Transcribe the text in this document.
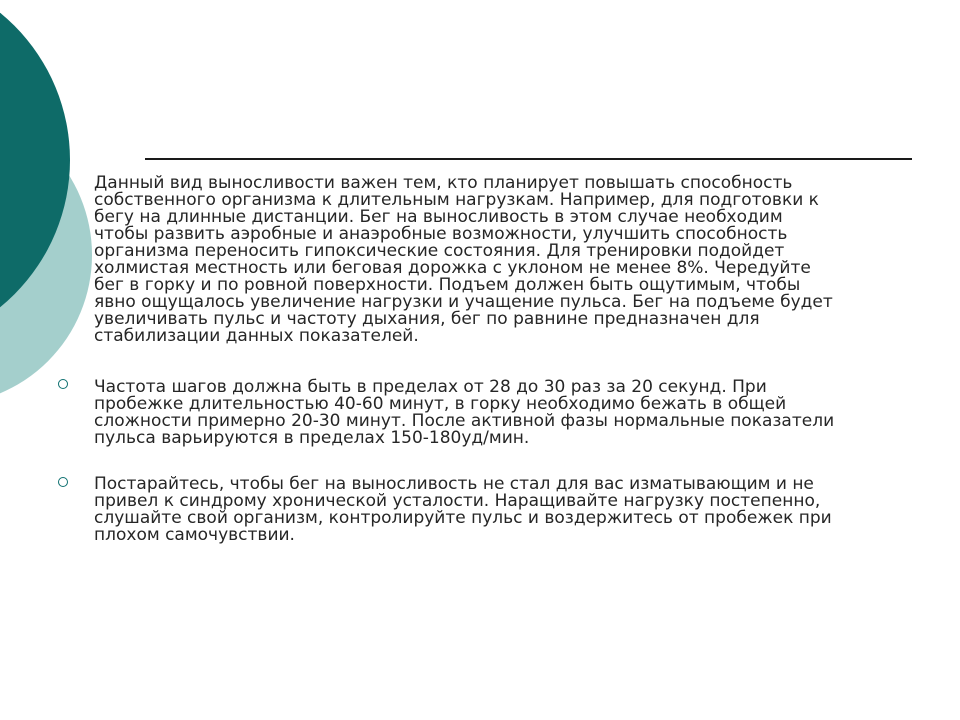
Данный вид выносливости важен тем, кто планирует повышать способность
собственного организма к длительным нагрузкам. Например, для подготовки к
бегу на длинные дистанции. Бег на выносливость в этом случае необходим
чтобы развить аэробные и анаэробные возможности, улучшить способность
организма переносить гипоксические состояния. Для тренировки подойдет
холмистая местность или беговая дорожка с уклоном не менее 8%. Чередуйте
бег в горку и по ровной поверхности. Подъем должен быть ощутимым, чтобы
явно ощущалось увеличение нагрузки и учащение пульса. Бег на подъеме будет
увеличивать пульс и частоту дыхания, бег по равнине предназначен для
стабилизации данных показателей.

Частота шагов должна быть в пределах от 28 до 30 раз за 20 секунд. При
пробежке длительностью 40-60 минут, в горку необходимо бежать в общей
сложности примерно 20-30 минут. После активной фазы нормальные показатели
пульса варьируются в пределах 150-180уд/мин.

Постарайтесь, чтобы бег на выносливость не стал для вас изматывающим и не
привел к синдрому хронической усталости. Наращивайте нагрузку постепенно,
слушайте свой организм, контролируйте пульс и воздержитесь от пробежек при
плохом самочувствии.
